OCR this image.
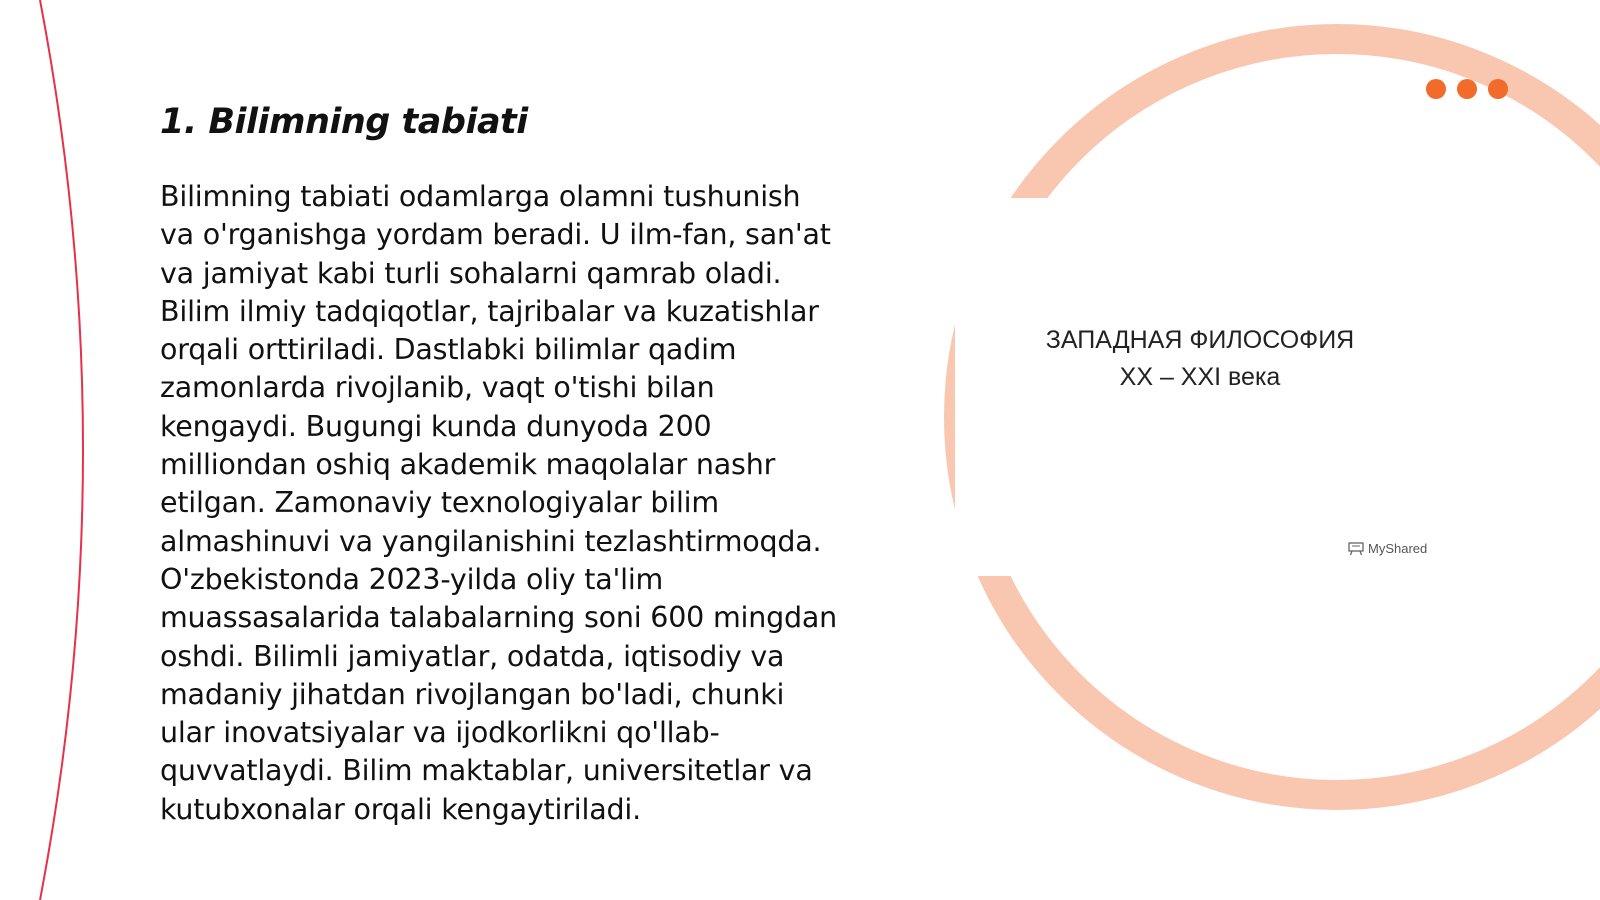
ЗАПАДНАЯ ФИЛОСОФИЯ
XX – XXI века
MyShared
1. Bilimning tabiati

Bilimning tabiati odamlarga olamni tushunish va o'rganishga yordam beradi. U ilm-fan, san'at va jamiyat kabi turli sohalarni qamrab oladi. Bilim ilmiy tadqiqotlar, tajribalar va kuzatishlar orqali orttiriladi. Dastlabki bilimlar qadim zamonlarda rivojlanib, vaqt o'tishi bilan kengaydi. Bugungi kunda dunyoda 200 milliondan oshiq akademik maqolalar nashr etilgan. Zamonaviy texnologiyalar bilim almashinuvi va yangilanishini tezlashtirmoqda. O'zbekistonda 2023-yilda oliy ta'lim muassasalarida talabalarning soni 600 mingdan oshdi. Bilimli jamiyatlar, odatda, iqtisodiy va madaniy jihatdan rivojlangan bo'ladi, chunki ular inovatsiyalar va ijodkorlikni qo'llab-quvvatlaydi. Bilim maktablar, universitetlar va kutubxonalar orqali kengaytiriladi.
